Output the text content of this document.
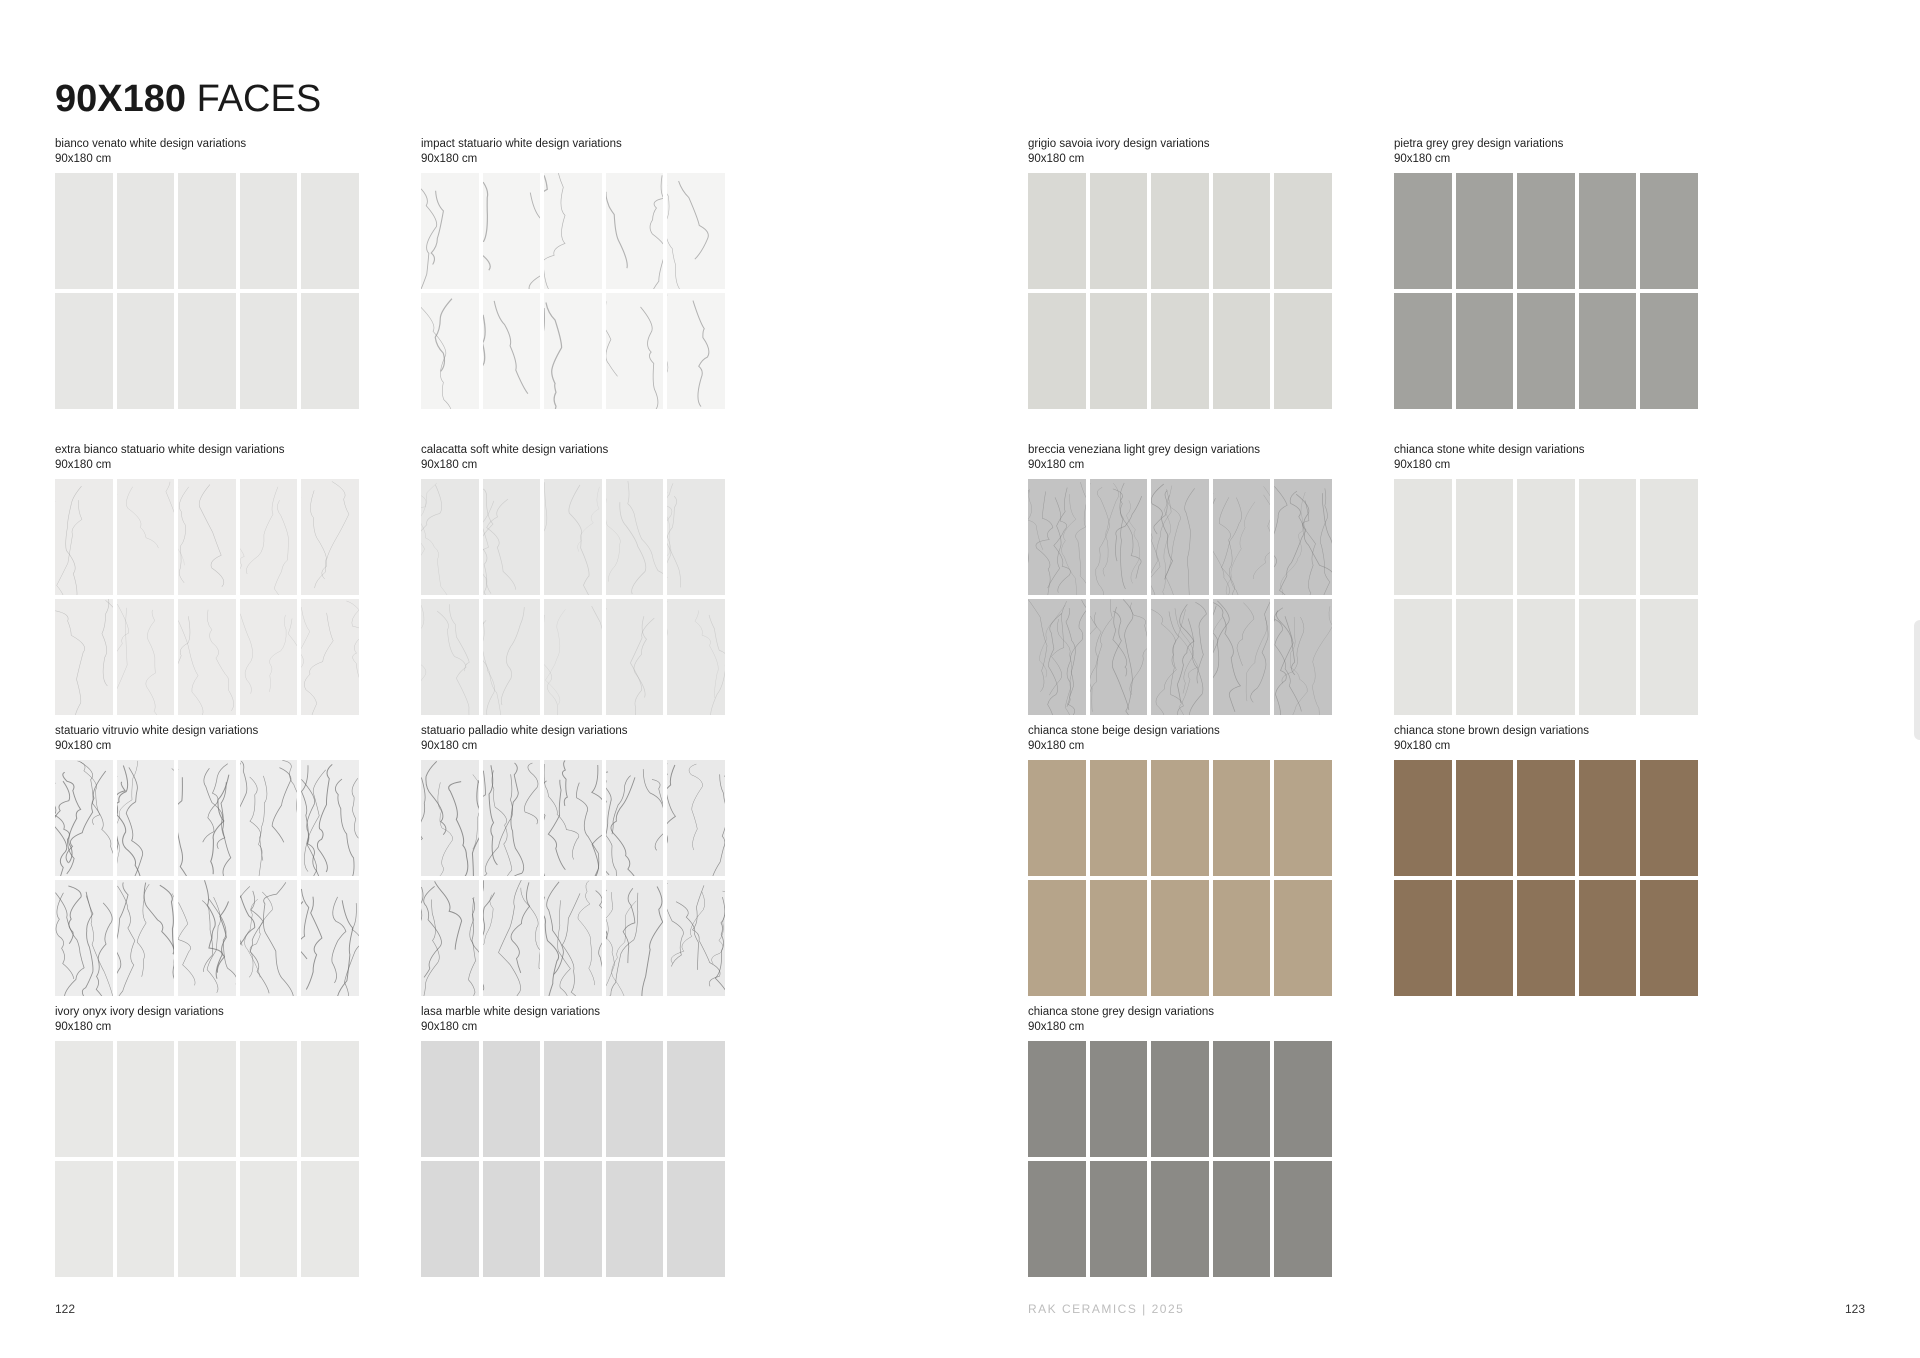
90X180 FACES
bianco venato white design variations
90x180 cm
impact statuario white design variations
90x180 cm
grigio savoia ivory design variations
90x180 cm
pietra grey grey design variations
90x180 cm
extra bianco statuario white design variations
90x180 cm
calacatta soft white design variations
90x180 cm
breccia veneziana light grey design variations
90x180 cm
chianca stone white design variations
90x180 cm
statuario vitruvio white design variations
90x180 cm
statuario palladio white design variations
90x180 cm
chianca stone beige design variations
90x180 cm
chianca stone brown design variations
90x180 cm
ivory onyx ivory design variations
90x180 cm
lasa marble white design variations
90x180 cm
chianca stone grey design variations
90x180 cm
122	RAK CERAMICS | 2025	123
